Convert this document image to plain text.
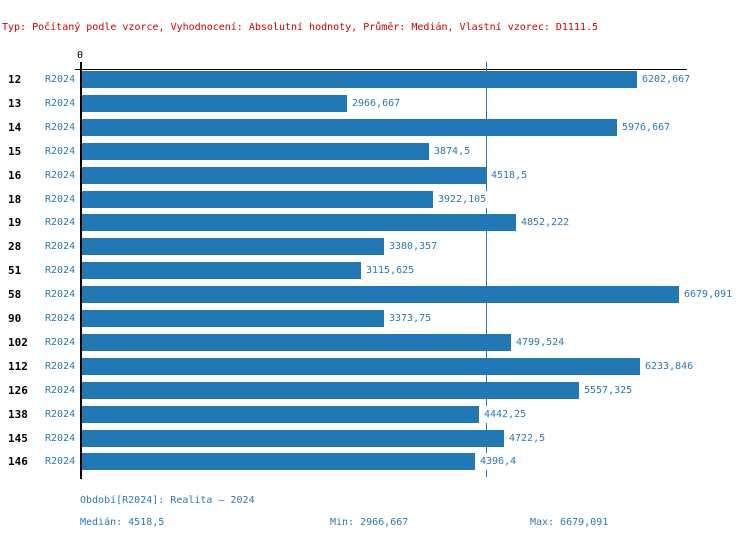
Typ: Počítaný podle vzorce, Vyhodnocení: Absolutní hodnoty, Průměr: Medián, Vlastní vzorec: D1111.5
0
12 R2024	6202,667
13 R2024	2966,667
14 R2024	5976,667
15 R2024	3874,5
16 R2024	4518,5
18 R2024	3922,105
19 R2024	4852,222
28 R2024	3380,357
51 R2024	3115,625
58 R2024	6679,091
90 R2024	3373,75
102 R2024	4799,524
112 R2024	6233,846
126 R2024	5557,325
138 R2024	4442,25
145 R2024	4722,5
146 R2024	4396,4
Období[R2024]: Realita – 2024
Medián: 4518,5	Min: 2966,667	Max: 6679,091
